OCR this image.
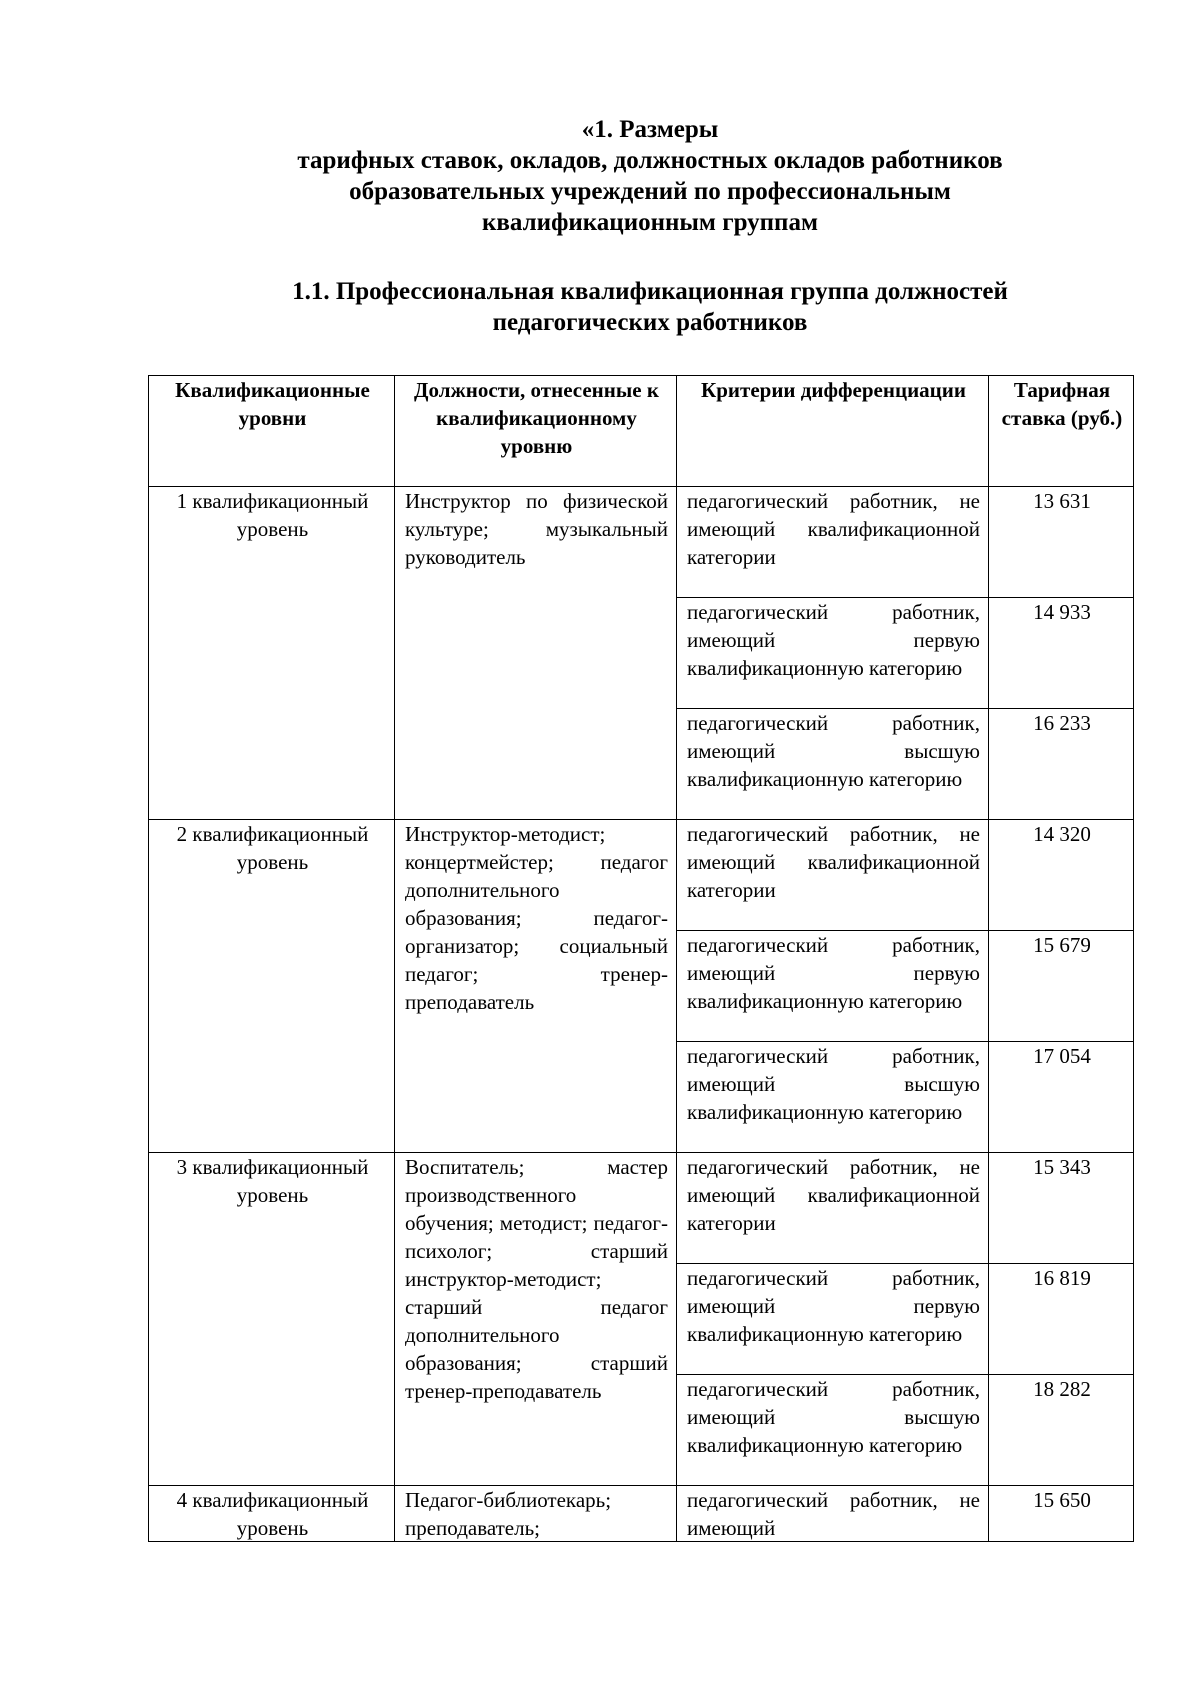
«1. Размеры
тарифных ставок, окладов, должностных окладов работников
образовательных учреждений по профессиональным
квалификационным группам
1.1. Профессиональная квалификационная группа должностей
педагогических работников
Квалификационные уровни	Должности, отнесенные к квалификационному уровню	Критерии дифференциации	Тарифная ставка (руб.)
1 квалификационный уровень	Инструктор по физической культуре; музыкальный руководитель	педагогический работник, не имеющий квалификационной категории	13 631
		педагогический работник, имеющий первую квалификационную категорию	14 933
		педагогический работник, имеющий высшую квалификационную категорию	16 233
2 квалификационный уровень	Инструктор-методист; концертмейстер; педагог дополнительного образования; педагог-организатор; социальный педагог; тренер-преподаватель	педагогический работник, не имеющий квалификационной категории	14 320
		педагогический работник, имеющий первую квалификационную категорию	15 679
		педагогический работник, имеющий высшую квалификационную категорию	17 054
3 квалификационный уровень	Воспитатель; мастер производственного обучения; методист; педагог-психолог; старший инструктор-методист; старший педагог дополнительного образования; старший тренер-преподаватель	педагогический работник, не имеющий квалификационной категории	15 343
		педагогический работник, имеющий первую квалификационную категорию	16 819
		педагогический работник, имеющий высшую квалификационную категорию	18 282

4 квалификационный уровень	Педагог-библиотекарь; преподаватель;	педагогический работник, не имеющий	15 650
